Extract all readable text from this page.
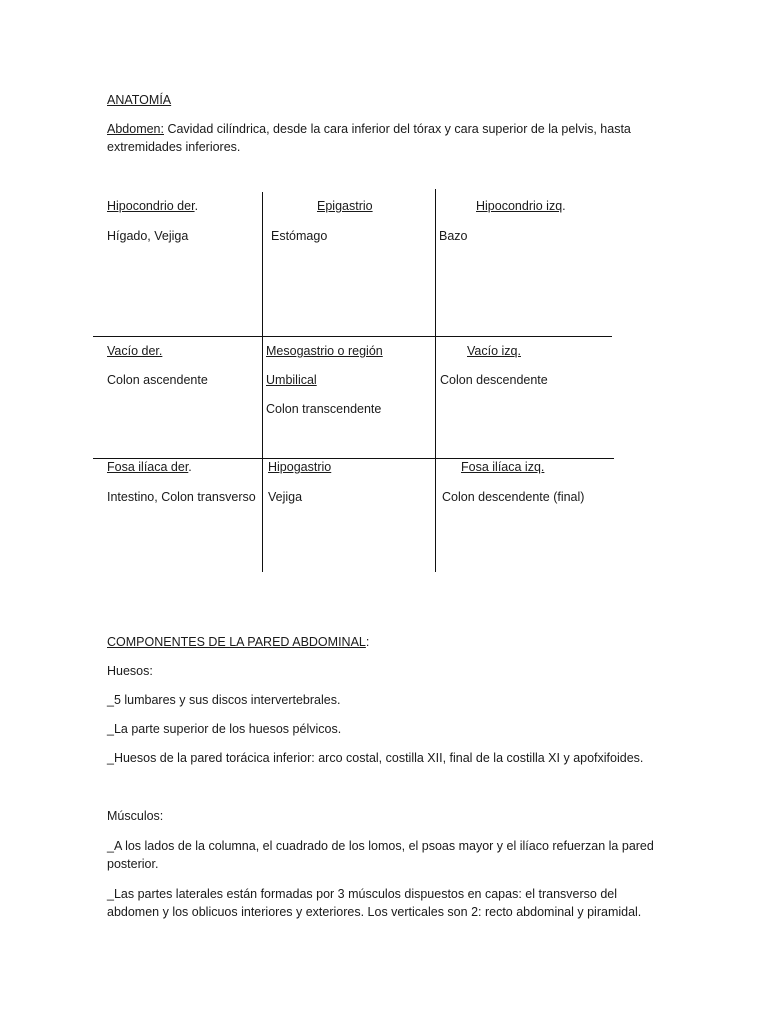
ANATOMÍA
Abdomen: Cavidad cilíndrica, desde la cara inferior del tórax y cara superior de la pelvis, hasta
extremidades inferiores.
Hipocondrio der.
Hígado, Vejiga
Epigastrio
Estómago
Hipocondrio izq.
Bazo
Vacío der.
Colon ascendente
Mesogastrio o región
Umbilical
Colon transcendente
Vacío izq.
Colon descendente
Fosa ilíaca der.
Intestino, Colon transverso
Hipogastrio
Vejiga
Fosa ilíaca izq.
Colon descendente (final)
COMPONENTES DE LA PARED ABDOMINAL:
Huesos:
_5 lumbares y sus discos intervertebrales.
_La parte superior de los huesos pélvicos.
_Huesos de la pared torácica inferior: arco costal, costilla XII, final de la costilla XI y apofxifoides.
Músculos:
_A los lados de la columna, el cuadrado de los lomos, el psoas mayor y el ilíaco refuerzan la pared posterior.
_Las partes laterales están formadas por 3 músculos dispuestos en capas: el transverso del abdomen y los oblicuos interiores y exteriores. Los verticales son 2: recto abdominal y piramidal.
